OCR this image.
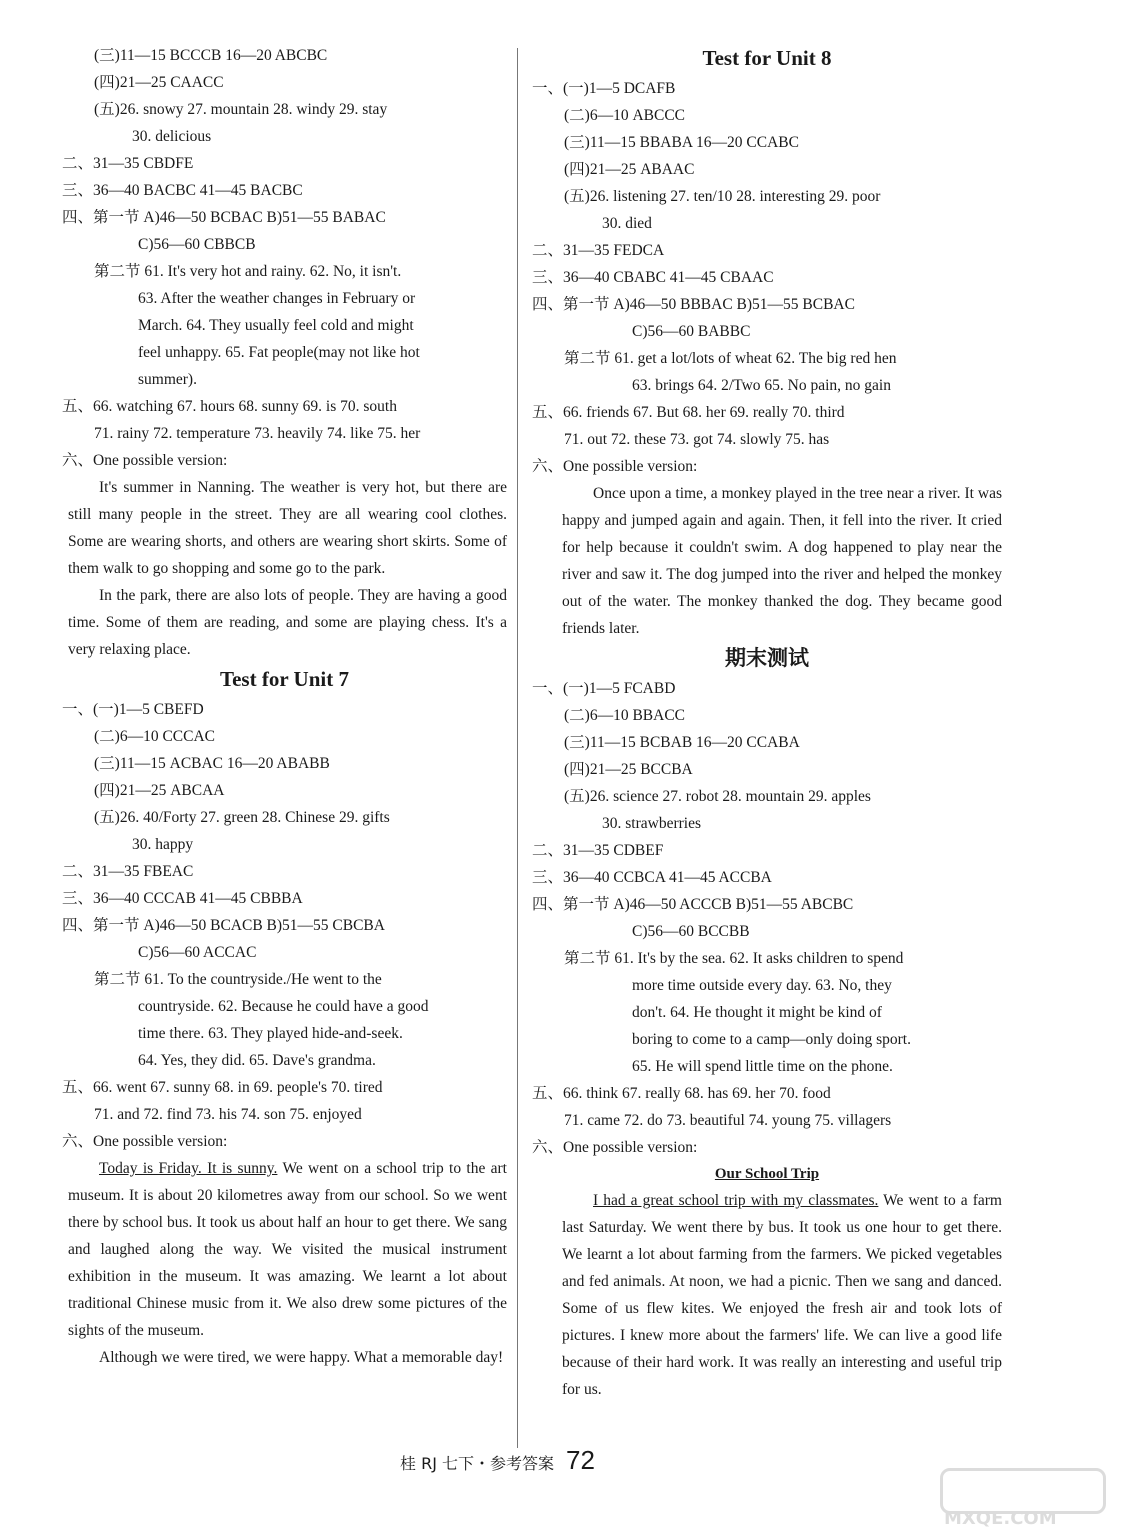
(三)11—15 BCCCB 16—20 ABCBC
(四)21—25 CAACC
(五)26. snowy 27. mountain 28. windy 29. stay
30. delicious
二、31—35 CBDFE
三、36—40 BACBC 41—45 BACBC
四、第一节 A)46—50 BCBAC B)51—55 BABAC
C)56—60 CBBCB
第二节 61. It's very hot and rainy. 62. No, it isn't.
63. After the weather changes in February or
March. 64. They usually feel cold and might
feel unhappy. 65. Fat people(may not like hot
summer).
五、66. watching 67. hours 68. sunny 69. is 70. south
71. rainy 72. temperature 73. heavily 74. like 75. her
六、One possible version:

It's summer in Nanning. The weather is very hot, but there are still many people in the street. They are all wearing cool clothes. Some are wearing shorts, and others are wearing short skirts. Some of them walk to go shopping and some go to the park.

In the park, there are also lots of people. They are having a good time. Some of them are reading, and some are playing chess. It's a very relaxing place.

Test for Unit 7
一、(一)1—5 CBEFD
(二)6—10 CCCAC
(三)11—15 ACBAC 16—20 ABABB
(四)21—25 ABCAA
(五)26. 40/Forty 27. green 28. Chinese 29. gifts
30. happy
二、31—35 FBEAC
三、36—40 CCCAB 41—45 CBBBA
四、第一节 A)46—50 BCACB B)51—55 CBCBA
C)56—60 ACCAC
第二节 61. To the countryside./He went to the
countryside. 62. Because he could have a good
time there. 63. They played hide-and-seek.
64. Yes, they did. 65. Dave's grandma.
五、66. went 67. sunny 68. in 69. people's 70. tired
71. and 72. find 73. his 74. son 75. enjoyed
六、One possible version:

Today is Friday. It is sunny. We went on a school trip to the art museum. It is about 20 kilometres away from our school. So we went there by school bus. It took us about half an hour to get there. We sang and laughed along the way. We visited the musical instrument exhibition in the museum. It was amazing. We learnt a lot about traditional Chinese music from it. We also drew some pictures of the sights of the museum.

Although we were tired, we were happy. What a memorable day!

Test for Unit 8
一、(一)1—5 DCAFB
(二)6—10 ABCCC
(三)11—15 BBABA 16—20 CCABC
(四)21—25 ABAAC
(五)26. listening 27. ten/10 28. interesting 29. poor
30. died
二、31—35 FEDCA
三、36—40 CBABC 41—45 CBAAC
四、第一节 A)46—50 BBBAC B)51—55 BCBAC
C)56—60 BABBC
第二节 61. get a lot/lots of wheat 62. The big red hen
63. brings 64. 2/Two 65. No pain, no gain
五、66. friends 67. But 68. her 69. really 70. third
71. out 72. these 73. got 74. slowly 75. has
六、One possible version:

Once upon a time, a monkey played in the tree near a river. It was happy and jumped again and again. Then, it fell into the river. It cried for help because it couldn't swim. A dog happened to play near the river and saw it. The dog jumped into the river and helped the monkey out of the water. The monkey thanked the dog. They became good friends later.

期末测试
一、(一)1—5 FCABD
(二)6—10 BBACC
(三)11—15 BCBAB 16—20 CCABA
(四)21—25 BCCBA
(五)26. science 27. robot 28. mountain 29. apples
30. strawberries
二、31—35 CDBEF
三、36—40 CCBCA 41—45 ACCBA
四、第一节 A)46—50 ACCCB B)51—55 ABCBC
C)56—60 BCCBB
第二节 61. It's by the sea. 62. It asks children to spend
more time outside every day. 63. No, they
don't. 64. He thought it might be kind of
boring to come to a camp—only doing sport.
65. He will spend little time on the phone.
五、66. think 67. really 68. has 69. her 70. food
71. came 72. do 73. beautiful 74. young 75. villagers
六、One possible version:
Our School Trip

I had a great school trip with my classmates. We went to a farm last Saturday. We went there by bus. It took us one hour to get there. We learnt a lot about farming from the farmers. We picked vegetables and fed animals. At noon, we had a picnic. Then we sang and danced. Some of us flew kites. We enjoyed the fresh air and took lots of pictures. I knew more about the farmers' life. We can live a good life because of their hard work. It was really an interesting and useful trip for us.

桂 RJ 七下・参考答案 72
MXQE.COM
